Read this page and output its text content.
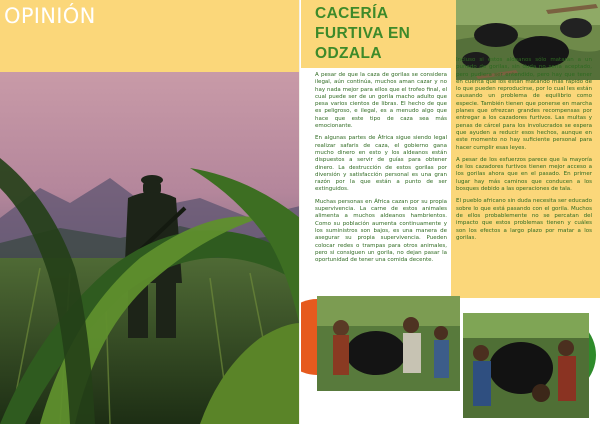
OPINIÓN	CACERÍA
FURTIVA EN
ODZALA

A pesar de que la caza de gorilas se considera ilegal, aún continúa, muchos aman cazar y no hay nada mejor para ellos que el trofeo final, el cual puede ser de un gorila macho adulto que pesa varios cientos de libras. El hecho de que es peligroso, e ilegal, es a menudo algo que hace que este tipo de caza sea más emocionante.

En algunas partes de África sigue siendo legal realizar safaris de caza, el gobierno gana mucho dinero en esto y los aldeanos están dispuestos a servir de guías para obtener dinero. La destrucción de estos gorilas por diversión y satisfacción personal es una gran razón por la que están a punto de ser extinguidos.

Muchas personas en África cazan por su propia supervivencia. La carne de estos animales alimenta a muchos aldeanos hambrientos. Como su población aumenta continuamente y los suministros son bajos, es una manera de asegurar su propia supervivencia. Pueden colocar redes o trampas para otros animales, pero si consiguen un gorila, no dejan pasar la oportunidad de tener una comida decente.

Incluso si estos aldeanos sólo mataran a un puñado de gorilas, sin duda no sería aceptado, pero pudiera ser entendido, pero hay que tener en cuenta que los están matando más rápido de lo que pueden reproducirse, por lo cual les están causando un problema de equilibrio como especie. También tienen que ponerse en marcha planes que ofrezcan grandes recompensas por entregar a los cazadores furtivos. Las multas y penas de cárcel para los involucrados se espera que ayuden a reducir esos hechos, aunque en este momento no hay suficiente personal para hacer cumplir esas leyes.

A pesar de los esfuerzos parece que la mayoría de los cazadores furtivos tienen mejor acceso a los gorilas ahora que en el pasado. En primer lugar hay más caminos que conducen a los bosques debido a las operaciones de tala.

El pueblo africano sin duda necesita ser educado sobre lo que está pasando con el gorila. Muchos de ellos probablemente no se percatan del impacto que estos problemas tienen y cuáles son los efectos a largo plazo por matar a los gorilas.
